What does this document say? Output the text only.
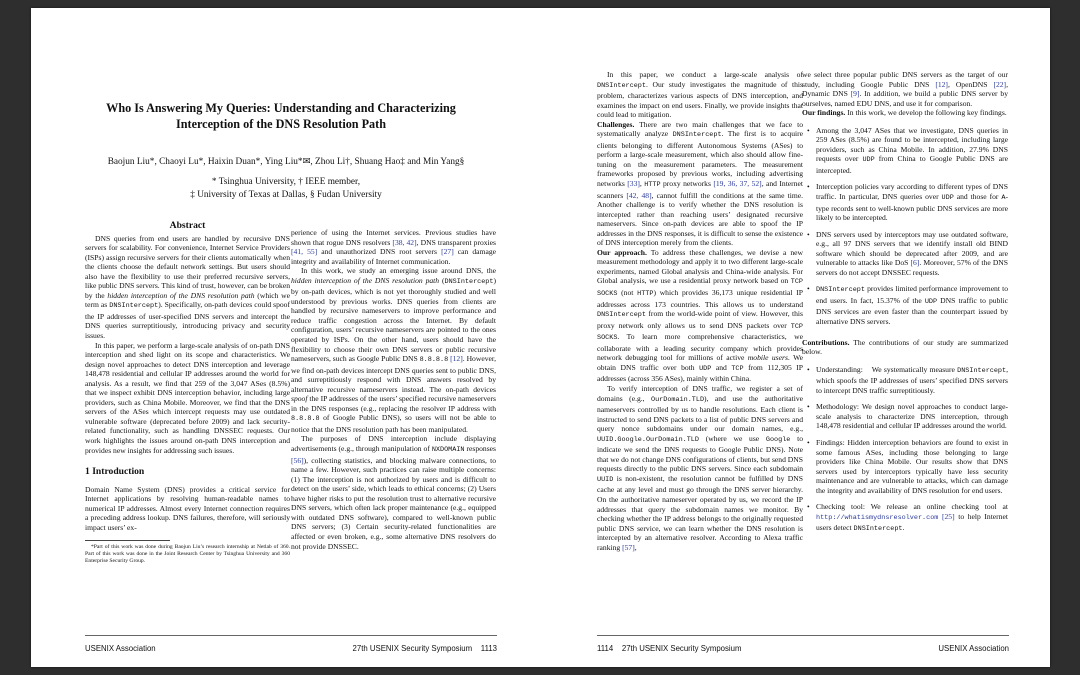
Who Is Answering My Queries: Understanding and Characterizing
Interception of the DNS Resolution Path
Baojun Liu*, Chaoyi Lu*, Haixin Duan*, Ying Liu*✉, Zhou Li†, Shuang Hao‡ and Min Yang§
* Tsinghua University, † IEEE member,
‡ University of Texas at Dallas, § Fudan University
Abstract

DNS queries from end users are handled by recursive DNS servers for scalability. For convenience, Internet Service Providers (ISPs) assign recursive servers for their clients automatically when the clients choose the default network settings. But users should also have the flexibility to use their preferred recursive servers, like public DNS servers. This kind of trust, however, can be broken by the hidden interception of the DNS resolution path (which we term as DNSIntercept). Specifically, on-path devices could spoof the IP addresses of user-specified DNS servers and intercept the DNS queries surreptitiously, introducing privacy and security issues.

In this paper, we perform a large-scale analysis of on-path DNS interception and shed light on its scope and characteristics. We design novel approaches to detect DNS interception and leverage 148,478 residential and cellular IP addresses around the world for analysis. As a result, we find that 259 of the 3,047 ASes (8.5%) that we inspect exhibit DNS interception behavior, including large providers, such as China Mobile. Moreover, we find that the DNS servers of the ASes which intercept requests may use outdated vulnerable software (deprecated before 2009) and lack security-related functionality, such as handling DNSSEC requests. Our work highlights the issues around on-path DNS interception and provides new insights for addressing such issues.

1 Introduction

Domain Name System (DNS) provides a critical service for Internet applications by resolving human-readable names to numerical IP addresses. Almost every Internet connection requires a preceding address lookup. DNS failures, therefore, will seriously impact users’ ex-

*Part of this work was done during Baojun Liu’s research internship at Netlab of 360. Part of this work was done in the Joint Research Center by Tsinghua University and 360 Enterprise Security Group.

perience of using the Internet services. Previous studies have shown that rogue DNS resolvers [38, 42], DNS transparent proxies [41, 55] and unauthorized DNS root servers [27] can damage integrity and availability of Internet communication.

In this work, we study an emerging issue around DNS, the hidden interception of the DNS resolution path (DNSIntercept) by on-path devices, which is not yet thoroughly studied and well understood by previous works. DNS queries from clients are handled by recursive nameservers to improve performance and reduce traffic congestion across the Internet. By default configuration, users’ recursive nameservers are pointed to the ones operated by ISPs. On the other hand, users should have the flexibility to choose their own DNS servers or public recursive nameservers, such as Google Public DNS 8.8.8.8 [12]. However, we find on-path devices intercept DNS queries sent to public DNS, and surreptitiously respond with DNS answers resolved by alternative recursive nameservers instead. The on-path devices spoof the IP addresses of the users’ specified recursive nameservers in the DNS responses (e.g., replacing the resolver IP address with 8.8.8.8 of Google Public DNS), so users will not be able to notice that the DNS resolution path has been manipulated.

The purposes of DNS interception include displaying advertisements (e.g., through manipulation of NXDOMAIN responses [56]), collecting statistics, and blocking malware connections, to name a few. However, such practices can raise multiple concerns: (1) The interception is not authorized by users and is difficult to detect on the users’ side, which leads to ethical concerns; (2) Users have higher risks to put the resolution trust to alternative recursive DNS servers, which often lack proper maintenance (e.g., equipped with outdated DNS software), compared to well-known public DNS servers; (3) Certain security-related functionalities are affected or even broken, e.g., some alternative DNS resolvers do not provide DNSSEC.

USENIX Association	27th USENIX Security Symposium    1113

In this paper, we conduct a large-scale analysis of DNSIntercept. Our study investigates the magnitude of this problem, characterizes various aspects of DNS interception, and examines the impact on end users. Finally, we provide insights that could lead to mitigation.

Challenges. There are two main challenges that we face to systematically analyze DNSIntercept. The first is to acquire clients belonging to different Autonomous Systems (ASes) to perform a large-scale measurement, which also should allow fine-tuning on the measurement parameters. The measurement frameworks proposed by previous works, including advertising networks [33], HTTP proxy networks [19, 36, 37, 52], and Internet scanners [42, 48], cannot fulfill the conditions at the same time. Another challenge is to verify whether the DNS resolution is intercepted rather than reaching users’ designated recursive nameservers. Since on-path devices are able to spoof the IP addresses in the DNS responses, it is difficult to sense the existence of DNS interception merely from the clients.

Our approach. To address these challenges, we devise a new measurement methodology and apply it to two different large-scale experiments, named Global analysis and China-wide analysis. For Global analysis, we use a residential proxy network based on TCP SOCKS (not HTTP) which provides 36,173 unique residential IP addresses across 173 countries. This allows us to understand DNSIntercept from the world-wide point of view. However, this proxy network only allows us to send DNS packets over TCP SOCKS. To learn more comprehensive characteristics, we collaborate with a leading security company which provides network debugging tool for millions of active mobile users. We obtain DNS traffic over both UDP and TCP from 112,305 IP addresses (across 356 ASes), mainly within China.

To verify interception of DNS traffic, we register a set of domains (e.g., OurDomain.TLD), and use the authoritative nameservers controlled by us to handle resolutions. Each client is instructed to send DNS packets to a list of public DNS servers and query nonce subdomains under our domain names, e.g., UUID.Google.OurDomain.TLD (where we use Google to indicate we send the DNS requests to Google Public DNS). Note that we do not change DNS configurations of clients, but send DNS requests directly to the public DNS servers. Since each subdomain UUID is non-existent, the resolution cannot be fulfilled by DNS cache at any level and must go through the DNS server hierarchy. On the authoritative nameserver operated by us, we record the IP addresses that query the subdomain names we monitor. By checking whether the IP address belongs to the originally requested public DNS service, we can learn whether the DNS resolution is intercepted by an alternative resolver. According to Alexa traffic ranking [57],

we select three popular public DNS servers as the target of our study, including Google Public DNS [12], OpenDNS [22], Dynamic DNS [9]. In addition, we build a public DNS server by ourselves, named EDU DNS, and use it for comparison.

Our findings. In this work, we develop the following key findings.

• Among the 3,047 ASes that we investigate, DNS queries in 259 ASes (8.5%) are found to be intercepted, including large providers, such as China Mobile. In addition, 27.9% DNS requests over UDP from China to Google Public DNS are intercepted.
• Interception policies vary according to different types of DNS traffic. In particular, DNS queries over UDP and those for A-type records sent to well-known public DNS services are more likely to be intercepted.
• DNS servers used by interceptors may use outdated software, e.g., all 97 DNS servers that we identify install old BIND software which should be deprecated after 2009, and are vulnerable to attacks like DoS [6]. Moreover, 57% of the DNS servers do not accept DNSSEC requests.
• DNSIntercept provides limited performance improvement to end users. In fact, 15.37% of the UDP DNS traffic to public DNS services are even faster than the counterpart issued by alternative DNS servers.

Contributions. The contributions of our study are summarized below.

• Understanding:    We systematically measure DNSIntercept, which spoofs the IP addresses of users’ specified DNS servers to intercept DNS traffic surreptitiously.
• Methodology: We design novel approaches to conduct large-scale analysis to characterize DNS interception, through 148,478 residential and cellular IP addresses around the world.
• Findings: Hidden interception behaviors are found to exist in some famous ASes, including those belonging to large providers like China Mobile. Our results show that DNS servers used by interceptors typically have less security maintenance and are vulnerable to attacks, which can damage the integrity and availability of DNS resolution for end users.
• Checking tool: We release an online checking tool at http://whatismydnsresolver.com [25] to help Internet users detect DNSIntercept.
1114    27th USENIX Security Symposium	USENIX Association
